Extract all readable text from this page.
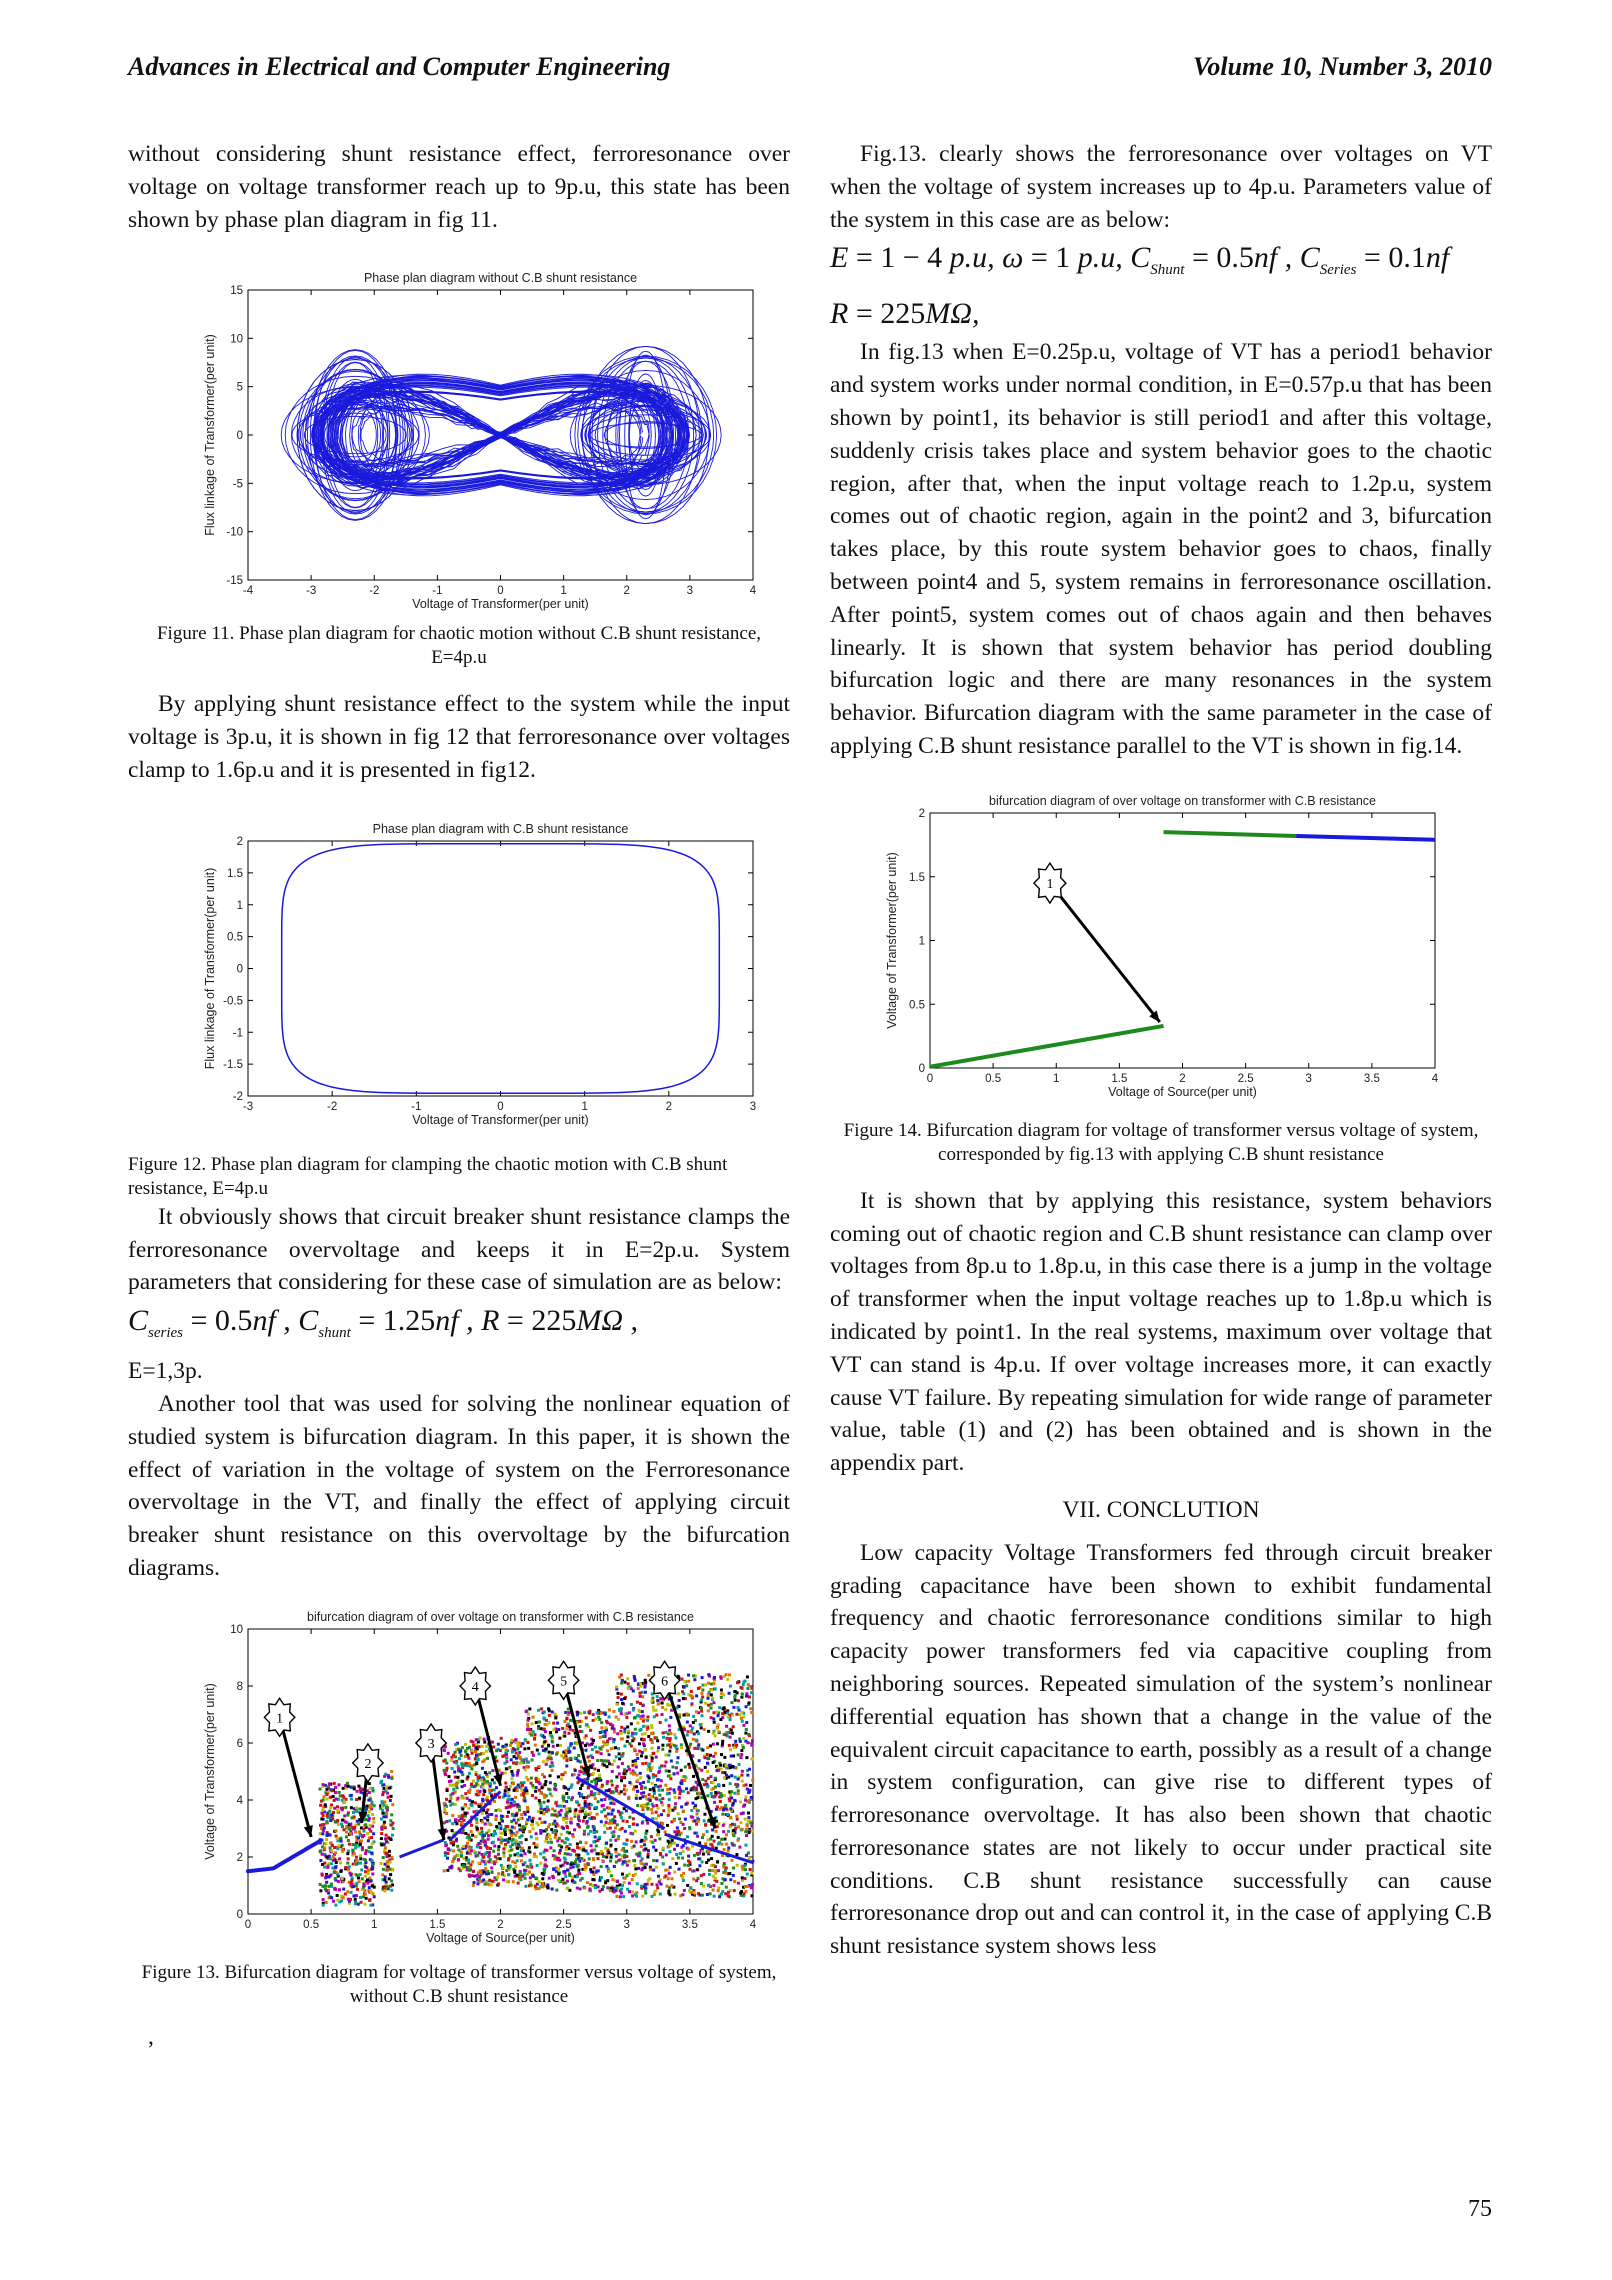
Advances in Electrical and Computer Engineering	Volume 10, Number 3, 2010

without considering shunt resistance effect, ferroresonance over voltage on voltage transformer reach up to 9p.u, this state has been shown by phase plan diagram in fig 11.

Phase plan diagram without C.B shunt resistance
-4	-3	-2	-1	0	1	2	3	4
-15
-10
-5
0
5
10
15
Voltage of Transformer(per unit)
Flux linkage of Transformer(per unit)
Figure 11. Phase plan diagram for chaotic motion without C.B shunt resistance, E=4p.u

By applying shunt resistance effect to the system while the input voltage is 3p.u, it is shown in fig 12 that ferroresonance over voltages clamp to 1.6p.u and it is presented in fig12.

Phase plan diagram with C.B shunt resistance
-3	-2	-1	0	1	2	3
-2
-1.5
-1
-0.5
0
0.5
1
1.5
2
Voltage of Transformer(per unit)
Flux linkage of Transformer(per unit)
Figure 12. Phase plan diagram for clamping the chaotic motion with C.B shunt resistance, E=4p.u

It obviously shows that circuit breaker shunt resistance clamps the ferroresonance overvoltage and keeps it in E=2p.u. System parameters that considering for these case of simulation are as below:

$C_{series} = 0.5nf$ , $C_{shunt} = 1.25nf$ , R = 225MΩ ,

E=1,3p.

Another tool that was used for solving the nonlinear equation of studied system is bifurcation diagram. In this paper, it is shown the effect of variation in the voltage of system on the Ferroresonance overvoltage in the VT, and finally the effect of applying circuit breaker shunt resistance on this overvoltage by the bifurcation diagrams.

bifurcation diagram of over voltage on transformer with C.B resistance
0	0.5	1	1.5	2	2.5	3	3.5	4
0
2
4
6
8
10
Voltage of Source(per unit)
Voltage of Transformer(per unit)	1
2
3
4	5	6
Figure 13. Bifurcation diagram for voltage of transformer versus voltage of system, without C.B shunt resistance
,

Fig.13. clearly shows the ferroresonance over voltages on VT when the voltage of system increases up to 4p.u. Parameters value of the system in this case are as below:

E = 1 − 4 p.u, ω = 1 p.u, $C_{Shunt} = 0.5nf$ , $C_{Series} = 0.1nf$
R = 225MΩ,

In fig.13 when E=0.25p.u, voltage of VT has a period1 behavior and system works under normal condition, in E=0.57p.u that has been shown by point1, its behavior is still period1 and after this voltage, suddenly crisis takes place and system behavior goes to the chaotic region, after that, when the input voltage reach to 1.2p.u, system comes out of chaotic region, again in the point2 and 3, bifurcation takes place, by this route system behavior goes to chaos, finally between point4 and 5, system remains in ferroresonance oscillation. After point5, system comes out of chaos again and then behaves linearly. It is shown that system behavior has period doubling bifurcation logic and there are many resonances in the system behavior. Bifurcation diagram with the same parameter in the case of applying C.B shunt resistance parallel to the VT is shown in fig.14.

bifurcation diagram of over voltage on transformer with C.B resistance
0	0.5	1	1.5	2	2.5	3	3.5	4
0
0.5
1
1.5
2
Voltage of Source(per unit)
Voltage of Transformer(per unit)	1
Figure 14. Bifurcation diagram for voltage of transformer versus voltage of system, corresponded by fig.13 with applying C.B shunt resistance

It is shown that by applying this resistance, system behaviors coming out of chaotic region and C.B shunt resistance can clamp over voltages from 8p.u to 1.8p.u, in this case there is a jump in the voltage of transformer when the input voltage reaches up to 1.8p.u which is indicated by point1. In the real systems, maximum over voltage that VT can stand is 4p.u. If over voltage increases more, it can exactly cause VT failure. By repeating simulation for wide range of parameter value, table (1) and (2) has been obtained and is shown in the appendix part.

VII. CONCLUTION

Low capacity Voltage Transformers fed through circuit breaker grading capacitance have been shown to exhibit fundamental frequency and chaotic ferroresonance conditions similar to high capacity power transformers fed via capacitive coupling from neighboring sources. Repeated simulation of the system’s nonlinear differential equation has shown that a change in the value of the equivalent circuit capacitance to earth, possibly as a result of a change in system configuration, can give rise to different types of ferroresonance overvoltage. It has also been shown that chaotic ferroresonance states are not likely to occur under practical site conditions. C.B shunt resistance successfully can cause ferroresonance drop out and can control it, in the case of applying C.B shunt resistance system shows less

75
